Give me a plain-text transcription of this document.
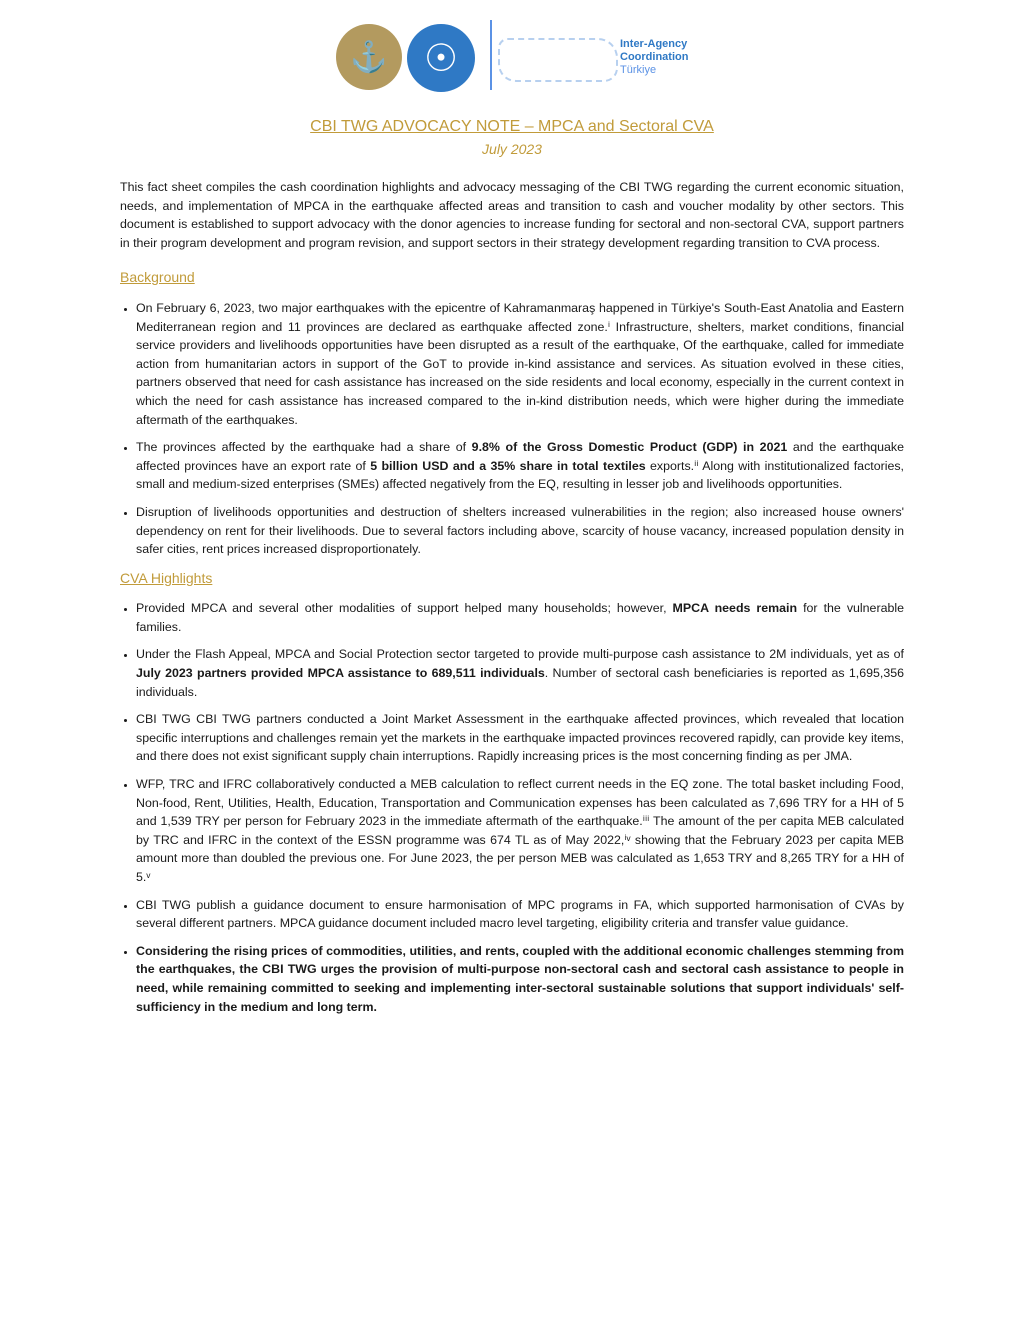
⚓ ☉	Inter-Agency
Coordination
Türkiye
CBI TWG ADVOCACY NOTE – MPCA and Sectoral CVA
July 2023

This fact sheet compiles the cash coordination highlights and advocacy messaging of the CBI TWG regarding the current economic situation, needs, and implementation of MPCA in the earthquake affected areas and transition to cash and voucher modality by other sectors. This document is established to support advocacy with the donor agencies to increase funding for sectoral and non-sectoral CVA, support partners in their program development and program revision, and support sectors in their strategy development regarding transition to CVA process.

Background
• On February 6, 2023, two major earthquakes with the epicentre of Kahramanmaraş happened in Türkiye's South-East Anatolia and Eastern Mediterranean region and 11 provinces are declared as earthquake affected zone.ⁱ Infrastructure, shelters, market conditions, financial service providers and livelihoods opportunities have been disrupted as a result of the earthquake, Of the earthquake, called for immediate action from humanitarian actors in support of the GoT to provide in-kind assistance and services. As situation evolved in these cities, partners observed that need for cash assistance has increased on the side residents and local economy, especially in the current context in which the need for cash assistance has increased compared to the in-kind distribution needs, which were higher during the immediate aftermath of the earthquakes.
• The provinces affected by the earthquake had a share of 9.8% of the Gross Domestic Product (GDP) in 2021 and the earthquake affected provinces have an export rate of 5 billion USD and a 35% share in total textiles exports.ⁱⁱ Along with institutionalized factories, small and medium-sized enterprises (SMEs) affected negatively from the EQ, resulting in lesser job and livelihoods opportunities.
• Disruption of livelihoods opportunities and destruction of shelters increased vulnerabilities in the region; also increased house owners' dependency on rent for their livelihoods. Due to several factors including above, scarcity of house vacancy, increased population density in safer cities, rent prices increased disproportionately.
CVA Highlights
• Provided MPCA and several other modalities of support helped many households; however, MPCA needs remain for the vulnerable families.
• Under the Flash Appeal, MPCA and Social Protection sector targeted to provide multi-purpose cash assistance to 2M individuals, yet as of July 2023 partners provided MPCA assistance to 689,511 individuals. Number of sectoral cash beneficiaries is reported as 1,695,356 individuals.
• CBI TWG CBI TWG partners conducted a Joint Market Assessment in the earthquake affected provinces, which revealed that location specific interruptions and challenges remain yet the markets in the earthquake impacted provinces recovered rapidly, can provide key items, and there does not exist significant supply chain interruptions. Rapidly increasing prices is the most concerning finding as per JMA.
• WFP, TRC and IFRC collaboratively conducted a MEB calculation to reflect current needs in the EQ zone. The total basket including Food, Non-food, Rent, Utilities, Health, Education, Transportation and Communication expenses has been calculated as 7,696 TRY for a HH of 5 and 1,539 TRY per person for February 2023 in the immediate aftermath of the earthquake.ⁱⁱⁱ The amount of the per capita MEB calculated by TRC and IFRC in the context of the ESSN programme was 674 TL as of May 2022,ⁱᵛ showing that the February 2023 per capita MEB amount more than doubled the previous one. For June 2023, the per person MEB was calculated as 1,653 TRY and 8,265 TRY for a HH of 5.ᵛ
• CBI TWG publish a guidance document to ensure harmonisation of MPC programs in FA, which supported harmonisation of CVAs by several different partners. MPCA guidance document included macro level targeting, eligibility criteria and transfer value guidance.
• Considering the rising prices of commodities, utilities, and rents, coupled with the additional economic challenges stemming from the earthquakes, the CBI TWG urges the provision of multi-purpose non-sectoral cash and sectoral cash assistance to people in need, while remaining committed to seeking and implementing inter-sectoral sustainable solutions that support individuals' self-sufficiency in the medium and long term.
